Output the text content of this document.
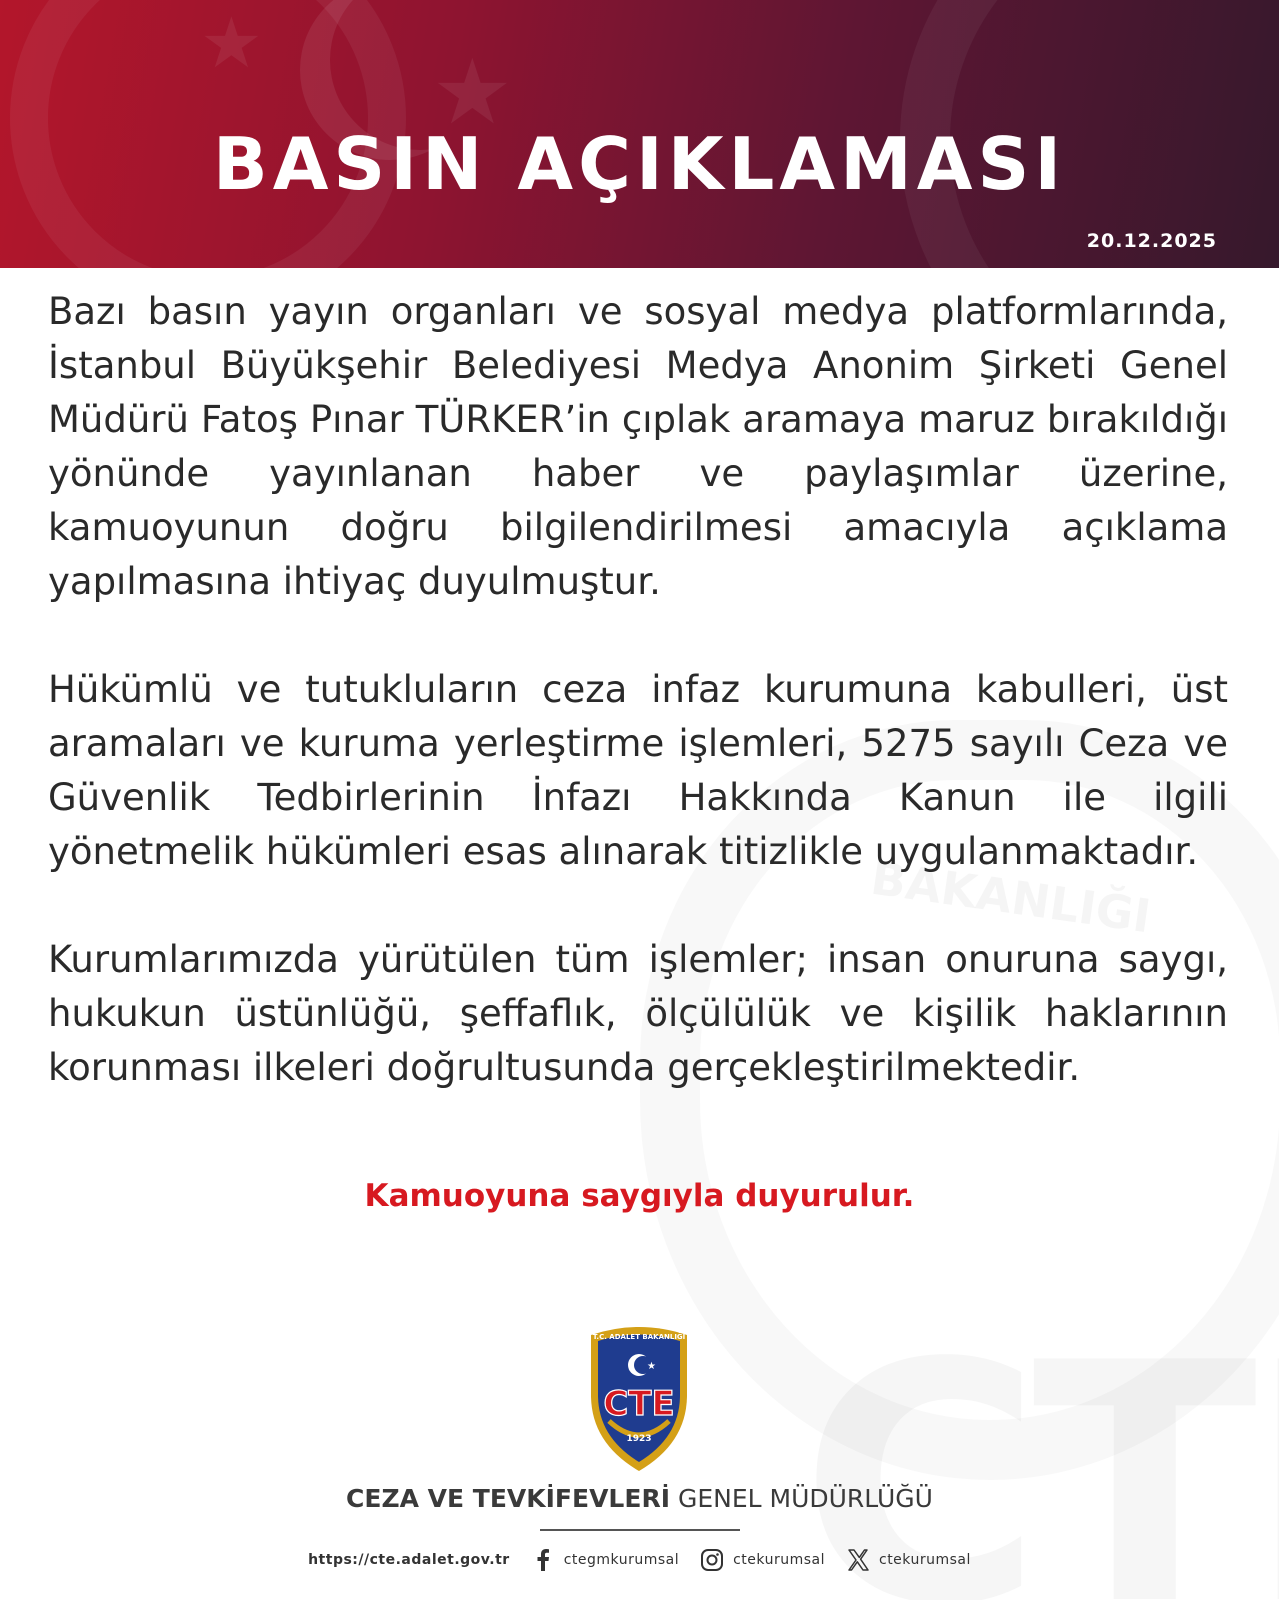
★
★
BASIN AÇIKLAMASI
20.12.2025

Bazı basın yayın organları ve sosyal medya platformlarında, İstanbul Büyükşehir Belediyesi Medya Anonim Şirketi Genel Müdürü Fatoş Pınar TÜRKER’in çıplak aramaya maruz bırakıldığı yönünde yayınlanan haber ve paylaşımlar üzerine, kamuoyunun doğru bilgilendirilmesi amacıyla açıklama yapılmasına ihtiyaç duyulmuştur.

Hükümlü ve tutukluların ceza infaz kurumuna kabulleri, üst aramaları ve kuruma yerleştirme işlemleri, 5275 sayılı Ceza ve Güvenlik Tedbirlerinin İnfazı Hakkında Kanun ile ilgili yönetmelik hükümleri esas alınarak titizlikle uygulanmaktadır.

Kurumlarımızda yürütülen tüm işlemler; insan onuruna saygı, hukukun üstünlüğü, şeffaflık, ölçülülük ve kişilik haklarının korunması ilkeleri doğrultusunda gerçekleştirilmektedir.

Kamuoyuna saygıyla duyurulur.
T.C. ADALET BAKANLIĞI
★
CTE
1923
CEZA VE TEVKİFEVLERİ GENEL MÜDÜRLÜĞÜ
https://cte.adalet.gov.tr	ctegmkurumsal	ctekurumsal	ctekurumsal
